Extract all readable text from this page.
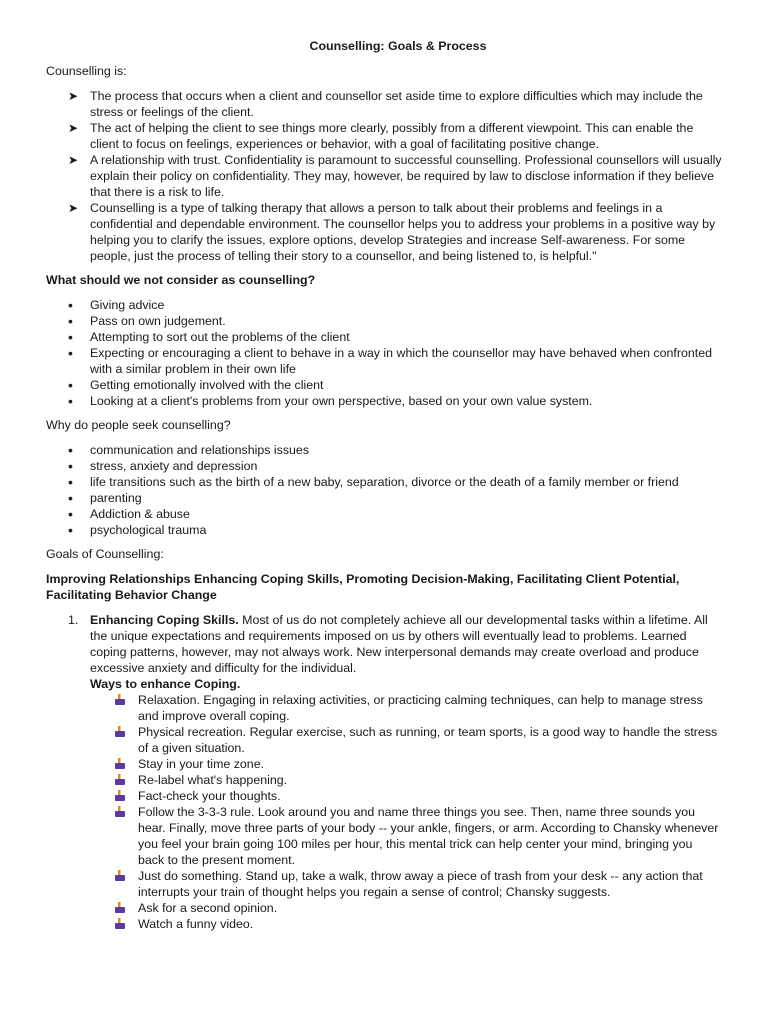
Counselling: Goals & Process

Counselling is:

➤ The process that occurs when a client and counsellor set aside time to explore difficulties which may include the stress or feelings of the client.
➤ The act of helping the client to see things more clearly, possibly from a different viewpoint. This can enable the client to focus on feelings, experiences or behavior, with a goal of facilitating positive change.
➤ A relationship with trust. Confidentiality is paramount to successful counselling. Professional counsellors will usually explain their policy on confidentiality. They may, however, be required by law to disclose information if they believe that there is a risk to life.
➤ Counselling is a type of talking therapy that allows a person to talk about their problems and feelings in a confidential and dependable environment. The counsellor helps you to address your problems in a positive way by helping you to clarify the issues, explore options, develop Strategies and increase Self-awareness. For some people, just the process of telling their story to a counsellor, and being listened to, is helpful."

What should we not consider as counselling?

• Giving advice
• Pass on own judgement.
• Attempting to sort out the problems of the client
• Expecting or encouraging a client to behave in a way in which the counsellor may have behaved when confronted with a similar problem in their own life
• Getting emotionally involved with the client
• Looking at a client's problems from your own perspective, based on your own value system.

Why do people seek counselling?

• communication and relationships issues
• stress, anxiety and depression
• life transitions such as the birth of a new baby, separation, divorce or the death of a family member or friend
• parenting
• Addiction & abuse
• psychological trauma

Goals of Counselling:

Improving Relationships Enhancing Coping Skills, Promoting Decision-Making, Facilitating Client Potential, Facilitating Behavior Change

1. Enhancing Coping Skills. Most of us do not completely achieve all our developmental tasks within a lifetime. All the unique expectations and requirements imposed on us by others will eventually lead to problems. Learned coping patterns, however, may not always work. New interpersonal demands may create overload and produce excessive anxiety and difficulty for the individual.
Ways to enhance Coping.
Relaxation. Engaging in relaxing activities, or practicing calming techniques, can help to manage stress and improve overall coping.
Physical recreation. Regular exercise, such as running, or team sports, is a good way to handle the stress of a given situation.
Stay in your time zone.
Re-label what's happening.
Fact-check your thoughts.
Follow the 3-3-3 rule. Look around you and name three things you see. Then, name three sounds you hear. Finally, move three parts of your body -- your ankle, fingers, or arm. According to Chansky whenever you feel your brain going 100 miles per hour, this mental trick can help center your mind, bringing you back to the present moment.
Just do something. Stand up, take a walk, throw away a piece of trash from your desk -- any action that interrupts your train of thought helps you regain a sense of control; Chansky suggests.
Ask for a second opinion.
Watch a funny video.
